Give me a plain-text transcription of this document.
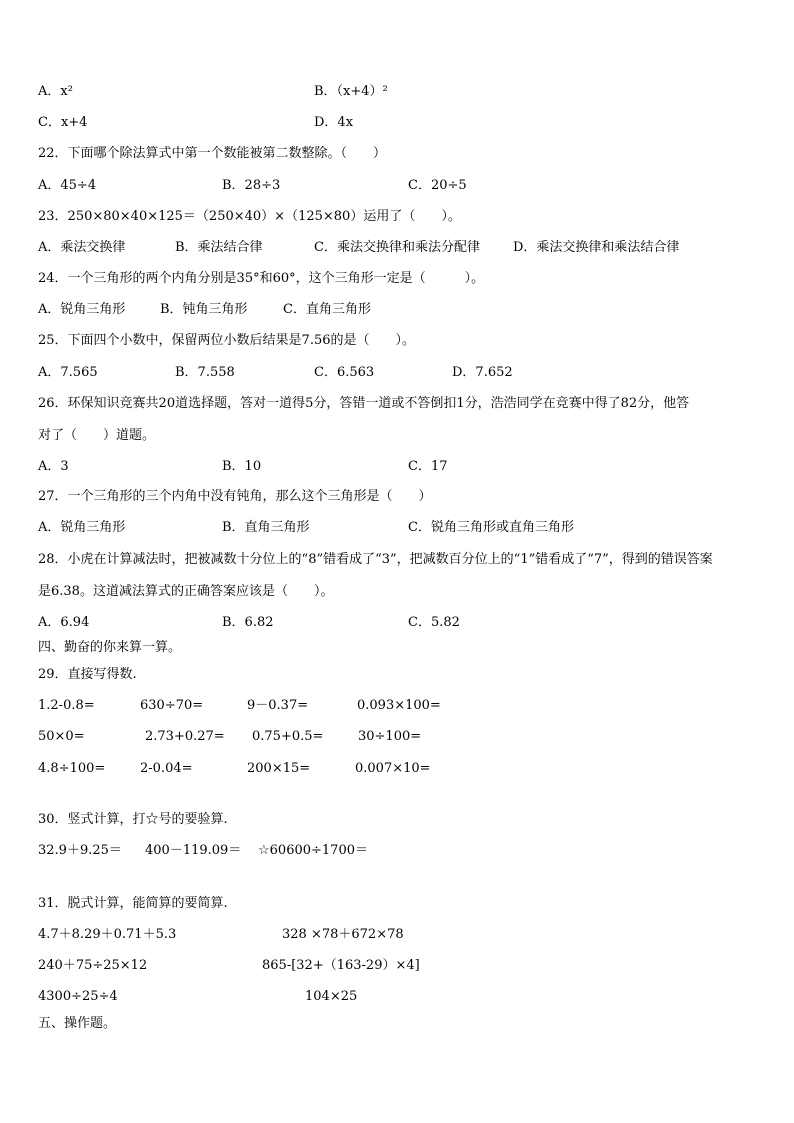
A．x²	B．（x+4）²
C．x+4	D．4x
22．下面哪个除法算式中第一个数能被第二数整除。（　　）
A．45÷4	B．28÷3	C．20÷5
23．250×80×40×125＝（250×40）×（125×80）运用了（　　）。
A．乘法交换律	B．乘法结合律	C．乘法交换律和乘法分配律	D．乘法交换律和乘法结合律
24．一个三角形的两个内角分别是35°和60°，这个三角形一定是（　　　）。
A．锐角三角形	B．钝角三角形	C．直角三角形
25．下面四个小数中，保留两位小数后结果是7.56的是（　　）。
A．7.565	B．7.558	C．6.563	D．7.652
26．环保知识竞赛共20道选择题，答对一道得5分，答错一道或不答倒扣1分，浩浩同学在竞赛中得了82分，他答
对了（　　）道题。
A．3	B．10	C．17
27．一个三角形的三个内角中没有钝角，那么这个三角形是（　　）
A．锐角三角形	B．直角三角形	C．锐角三角形或直角三角形
28．小虎在计算减法时，把被减数十分位上的“8”错看成了“3”，把减数百分位上的“1”错看成了“7”，得到的错误答案
是6.38。这道减法算式的正确答案应该是（　　）。
A．6.94	B．6.82	C．5.82
四、勤奋的你来算一算。
29．直接写得数.
1.2-0.8=	630÷70=	9－0.37=	0.093×100=
50×0=	2.73+0.27= 0.75+0.5=	30÷100=
4.8÷100=	2-0.04=	200×15=	0.007×10=
30．竖式计算，打☆号的要验算.
32.9＋9.25＝ 400－119.09＝ ☆60600÷1700＝
31．脱式计算，能简算的要简算.
4.7＋8.29＋0.71＋5.3	328 ×78＋672×78
240＋75÷25×12	865-[32+（163-29）×4]
4300÷25÷4	104×25
五、操作题。
